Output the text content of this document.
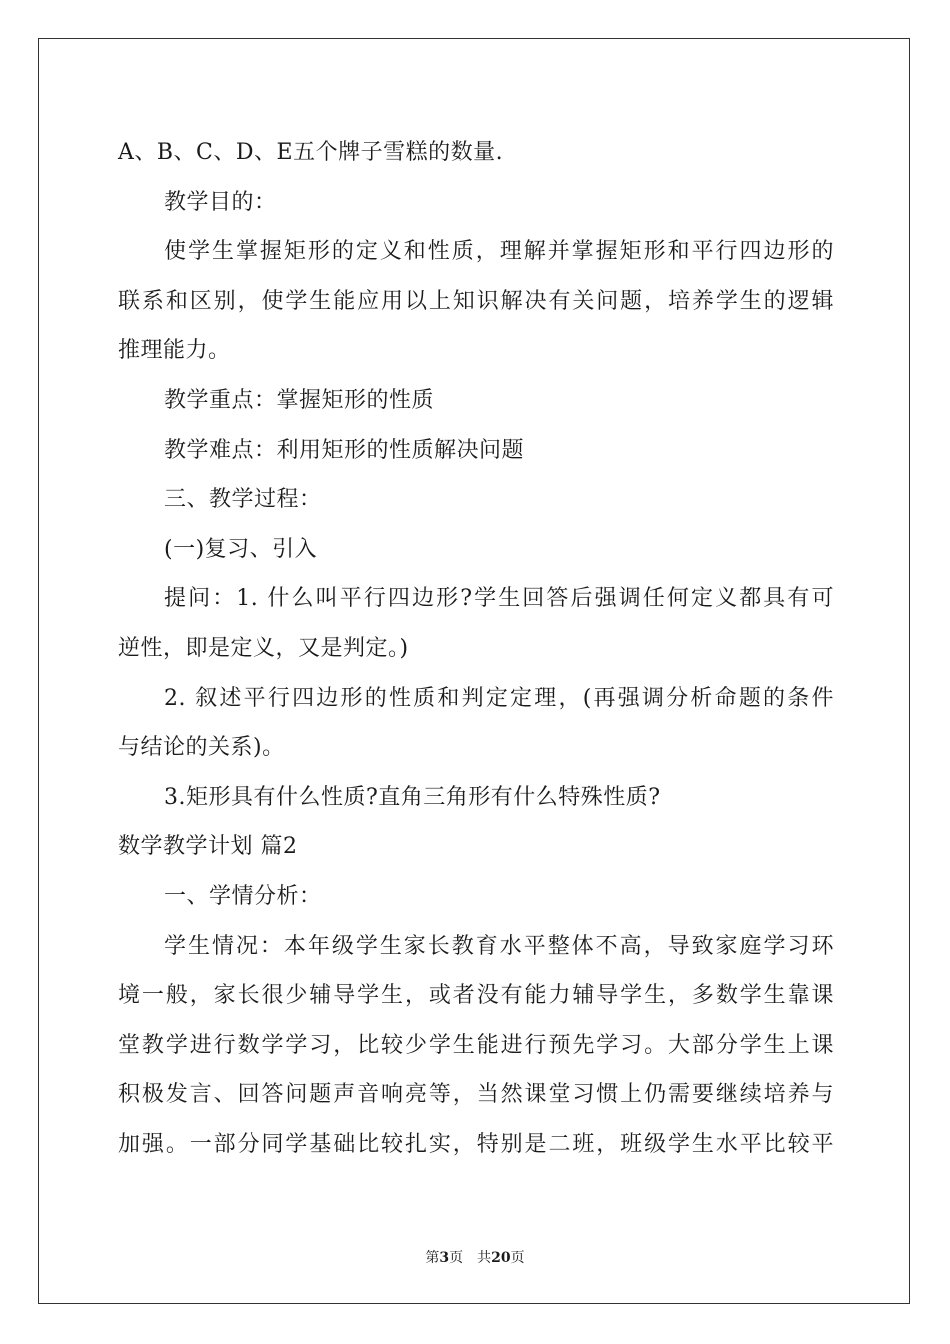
A、B、C、D、E五个牌子雪糕的数量.
教学目的：
使学生掌握矩形的定义和性质，理解并掌握矩形和平行四边形的
联系和区别，使学生能应用以上知识解决有关问题，培养学生的逻辑
推理能力。
教学重点：掌握矩形的性质
教学难点：利用矩形的性质解决问题
三、教学过程：
(一)复习、引入
提问：1. 什么叫平行四边形?学生回答后强调任何定义都具有可
逆性，即是定义，又是判定。)
2. 叙述平行四边形的性质和判定定理，(再强调分析命题的条件
与结论的关系)。
3.矩形具有什么性质?直角三角形有什么特殊性质?
数学教学计划 篇2
一、学情分析：
学生情况：本年级学生家长教育水平整体不高，导致家庭学习环
境一般，家长很少辅导学生，或者没有能力辅导学生，多数学生靠课
堂教学进行数学学习，比较少学生能进行预先学习。大部分学生上课
积极发言、回答问题声音响亮等，当然课堂习惯上仍需要继续培养与
加强。一部分同学基础比较扎实，特别是二班，班级学生水平比较平
第3页 共20页
